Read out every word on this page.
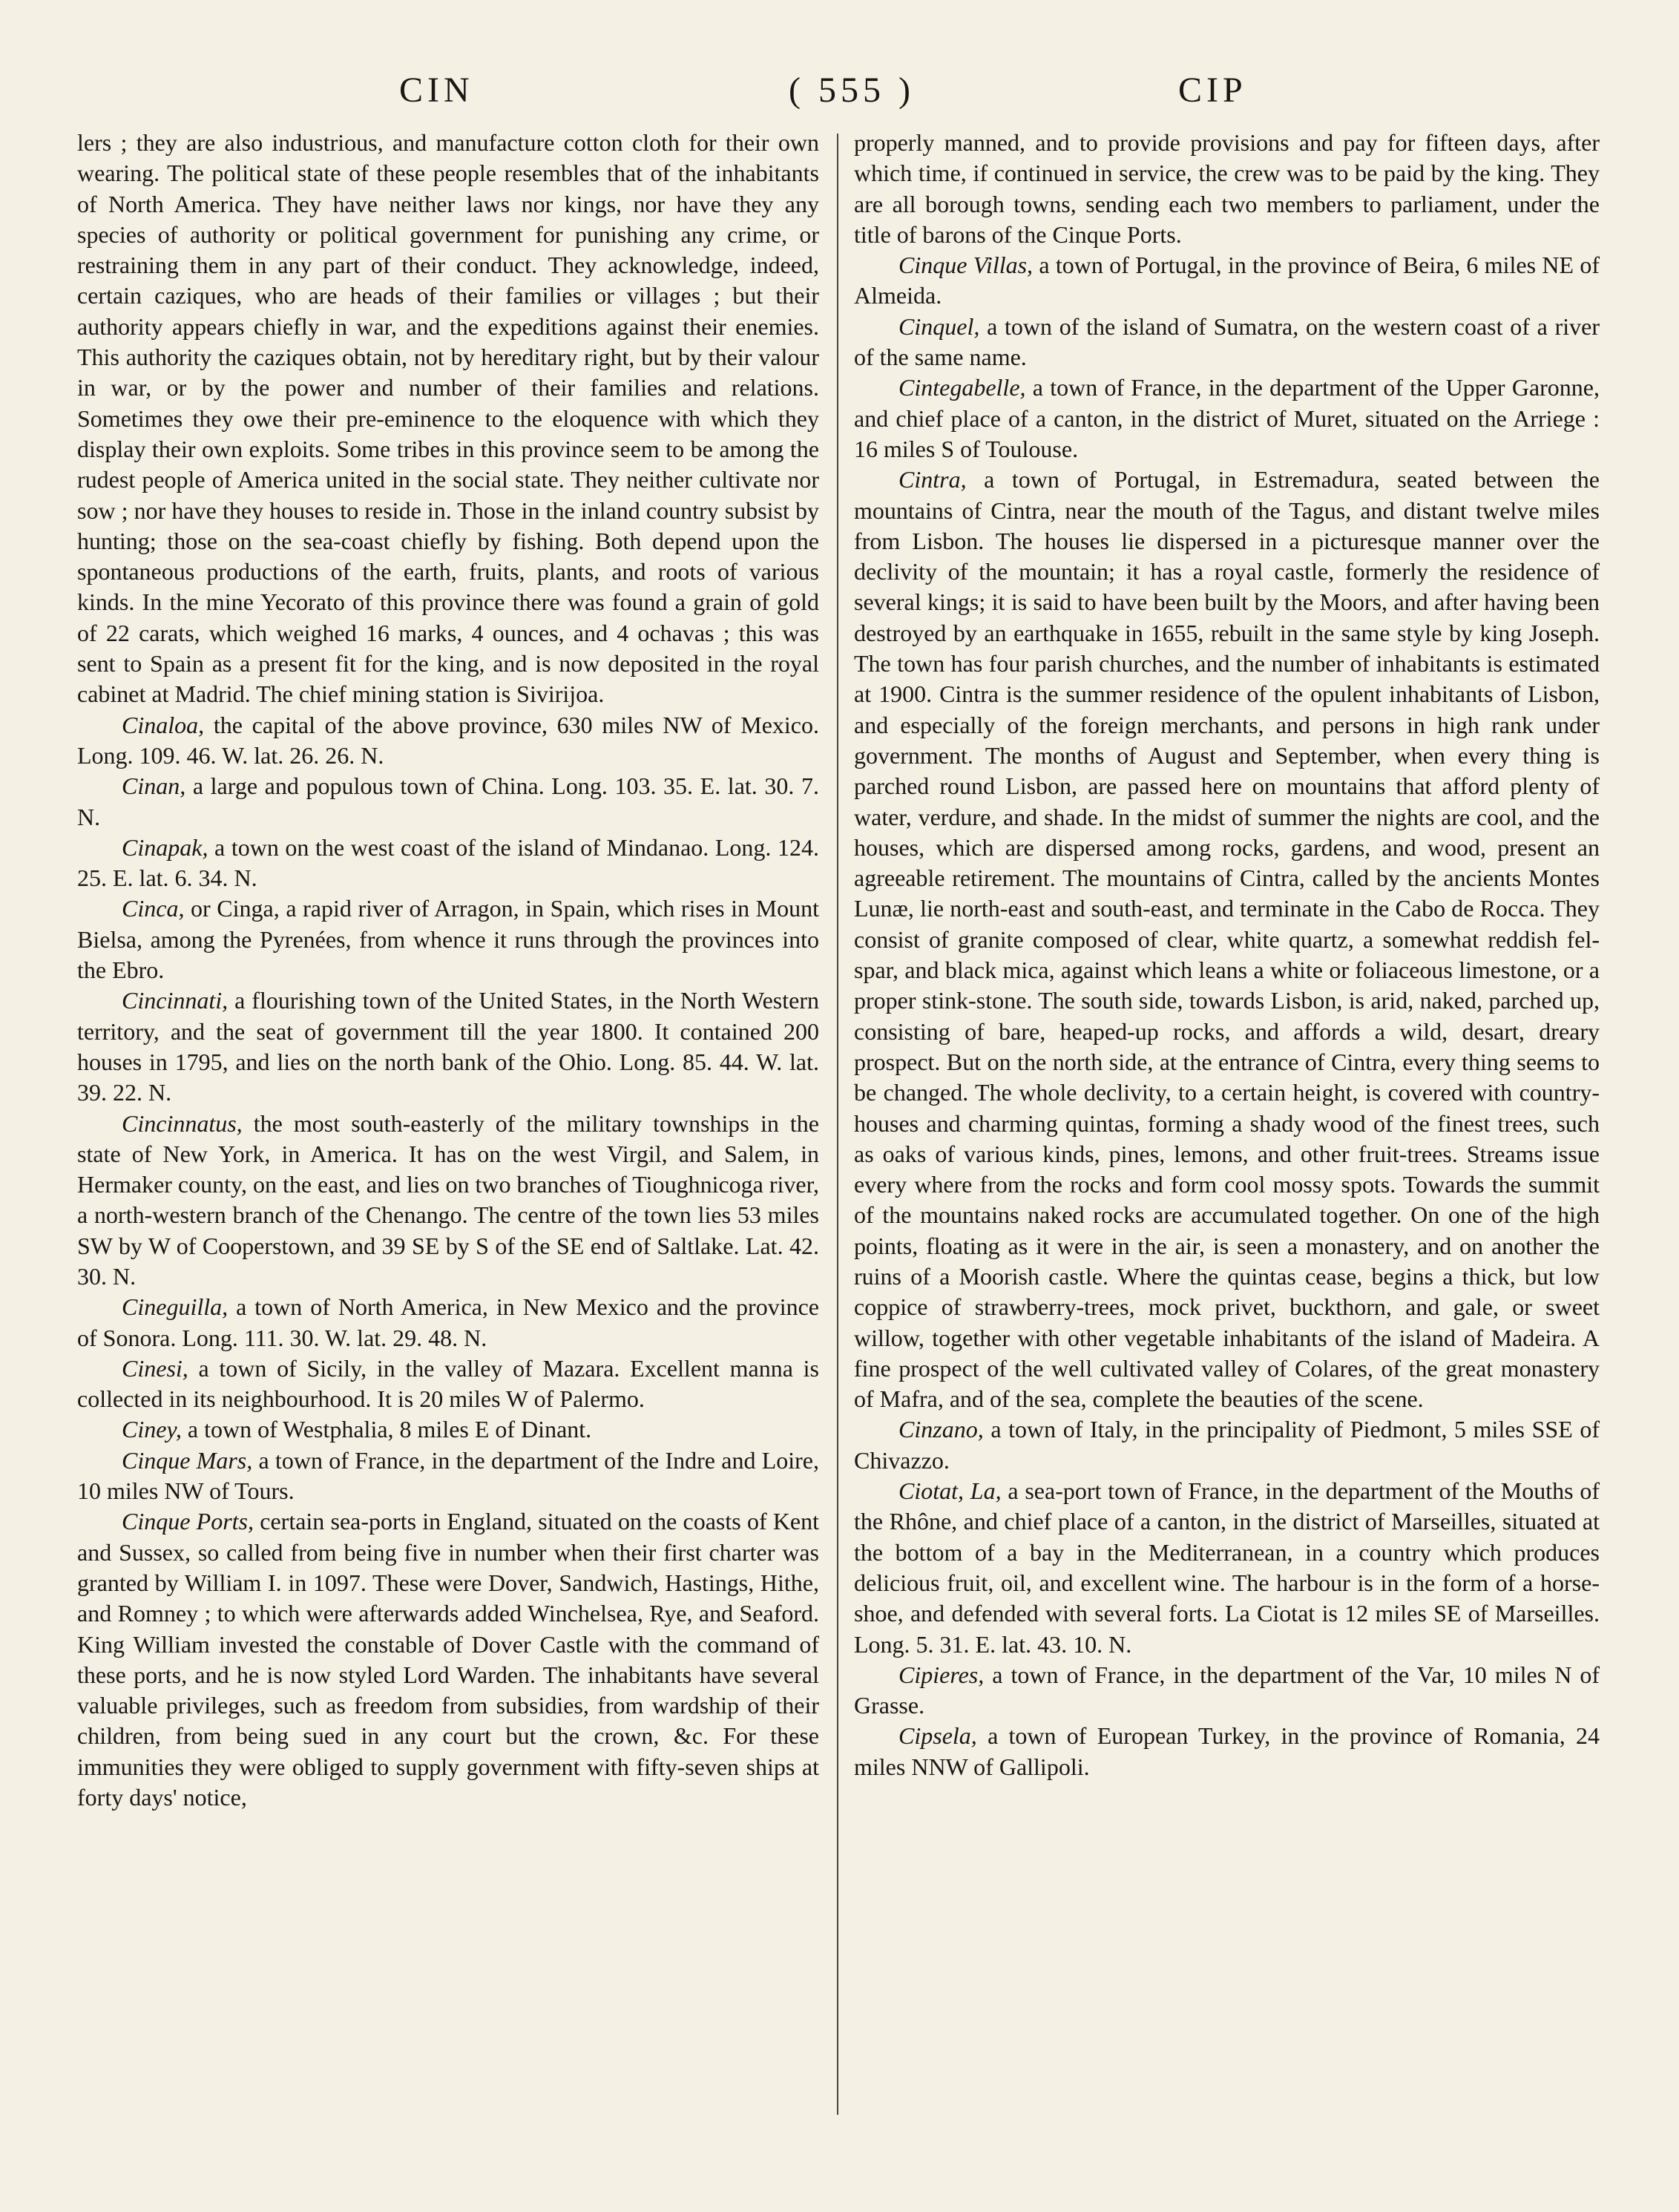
CIN	( 555 )	CIP

lers ; they are also industrious, and manufacture cotton cloth for their own wearing. The political state of these people resembles that of the inhabitants of North America. They have neither laws nor kings, nor have they any species of authority or political government for punishing any crime, or restraining them in any part of their conduct. They acknowledge, indeed, certain caziques, who are heads of their families or villages ; but their authority appears chiefly in war, and the expeditions against their enemies. This authority the caziques obtain, not by hereditary right, but by their valour in war, or by the power and number of their families and relations. Sometimes they owe their pre-eminence to the eloquence with which they display their own exploits. Some tribes in this province seem to be among the rudest people of America united in the social state. They neither cultivate nor sow ; nor have they houses to reside in. Those in the inland country subsist by hunting; those on the sea-coast chiefly by fishing. Both depend upon the spontaneous productions of the earth, fruits, plants, and roots of various kinds. In the mine Yecorato of this province there was found a grain of gold of 22 carats, which weighed 16 marks, 4 ounces, and 4 ochavas ; this was sent to Spain as a present fit for the king, and is now deposited in the royal cabinet at Madrid. The chief mining station is Sivirijoa.

Cinaloa, the capital of the above province, 630 miles NW of Mexico. Long. 109. 46. W. lat. 26. 26. N.

Cinan, a large and populous town of China. Long. 103. 35. E. lat. 30. 7. N.

Cinapak, a town on the west coast of the island of Mindanao. Long. 124. 25. E. lat. 6. 34. N.

Cinca, or Cinga, a rapid river of Arragon, in Spain, which rises in Mount Bielsa, among the Pyrenées, from whence it runs through the provinces into the Ebro.

Cincinnati, a flourishing town of the United States, in the North Western territory, and the seat of government till the year 1800. It contained 200 houses in 1795, and lies on the north bank of the Ohio. Long. 85. 44. W. lat. 39. 22. N.

Cincinnatus, the most south-easterly of the military townships in the state of New York, in America. It has on the west Virgil, and Salem, in Hermaker county, on the east, and lies on two branches of Tioughnicoga river, a north-western branch of the Chenango. The centre of the town lies 53 miles SW by W of Cooperstown, and 39 SE by S of the SE end of Saltlake. Lat. 42. 30. N.

Cineguilla, a town of North America, in New Mexico and the province of Sonora. Long. 111. 30. W. lat. 29. 48. N.

Cinesi, a town of Sicily, in the valley of Mazara. Excellent manna is collected in its neighbourhood. It is 20 miles W of Palermo.

Ciney, a town of Westphalia, 8 miles E of Dinant.

Cinque Mars, a town of France, in the department of the Indre and Loire, 10 miles NW of Tours.

Cinque Ports, certain sea-ports in England, situated on the coasts of Kent and Sussex, so called from being five in number when their first charter was granted by William I. in 1097. These were Dover, Sandwich, Hastings, Hithe, and Romney ; to which were afterwards added Winchelsea, Rye, and Seaford. King William invested the constable of Dover Castle with the command of these ports, and he is now styled Lord Warden. The inhabitants have several valuable privileges, such as freedom from subsidies, from wardship of their children, from being sued in any court but the crown, &c. For these immunities they were obliged to supply government with fifty-seven ships at forty days' notice,

properly manned, and to provide provisions and pay for fifteen days, after which time, if continued in service, the crew was to be paid by the king. They are all borough towns, sending each two members to parliament, under the title of barons of the Cinque Ports.

Cinque Villas, a town of Portugal, in the province of Beira, 6 miles NE of Almeida.

Cinquel, a town of the island of Sumatra, on the western coast of a river of the same name.

Cintegabelle, a town of France, in the department of the Upper Garonne, and chief place of a canton, in the district of Muret, situated on the Arriege : 16 miles S of Toulouse.

Cintra, a town of Portugal, in Estremadura, seated between the mountains of Cintra, near the mouth of the Tagus, and distant twelve miles from Lisbon. The houses lie dispersed in a picturesque manner over the declivity of the mountain; it has a royal castle, formerly the residence of several kings; it is said to have been built by the Moors, and after having been destroyed by an earthquake in 1655, rebuilt in the same style by king Joseph. The town has four parish churches, and the number of inhabitants is estimated at 1900. Cintra is the summer residence of the opulent inhabitants of Lisbon, and especially of the foreign merchants, and persons in high rank under government. The months of August and September, when every thing is parched round Lisbon, are passed here on mountains that afford plenty of water, verdure, and shade. In the midst of summer the nights are cool, and the houses, which are dispersed among rocks, gardens, and wood, present an agreeable retirement. The mountains of Cintra, called by the ancients Montes Lunæ, lie north-east and south-east, and terminate in the Cabo de Rocca. They consist of granite composed of clear, white quartz, a somewhat reddish fel-spar, and black mica, against which leans a white or foliaceous limestone, or a proper stink-stone. The south side, towards Lisbon, is arid, naked, parched up, consisting of bare, heaped-up rocks, and affords a wild, desart, dreary prospect. But on the north side, at the entrance of Cintra, every thing seems to be changed. The whole declivity, to a certain height, is covered with country-houses and charming quintas, forming a shady wood of the finest trees, such as oaks of various kinds, pines, lemons, and other fruit-trees. Streams issue every where from the rocks and form cool mossy spots. Towards the summit of the mountains naked rocks are accumulated together. On one of the high points, floating as it were in the air, is seen a monastery, and on another the ruins of a Moorish castle. Where the quintas cease, begins a thick, but low coppice of strawberry-trees, mock privet, buckthorn, and gale, or sweet willow, together with other vegetable inhabitants of the island of Madeira. A fine prospect of the well cultivated valley of Colares, of the great monastery of Mafra, and of the sea, complete the beauties of the scene.

Cinzano, a town of Italy, in the principality of Piedmont, 5 miles SSE of Chivazzo.

Ciotat, La, a sea-port town of France, in the department of the Mouths of the Rhône, and chief place of a canton, in the district of Marseilles, situated at the bottom of a bay in the Mediterranean, in a country which produces delicious fruit, oil, and excellent wine. The harbour is in the form of a horse-shoe, and defended with several forts. La Ciotat is 12 miles SE of Marseilles. Long. 5. 31. E. lat. 43. 10. N.

Cipieres, a town of France, in the department of the Var, 10 miles N of Grasse.

Cipsela, a town of European Turkey, in the province of Romania, 24 miles NNW of Gallipoli.
